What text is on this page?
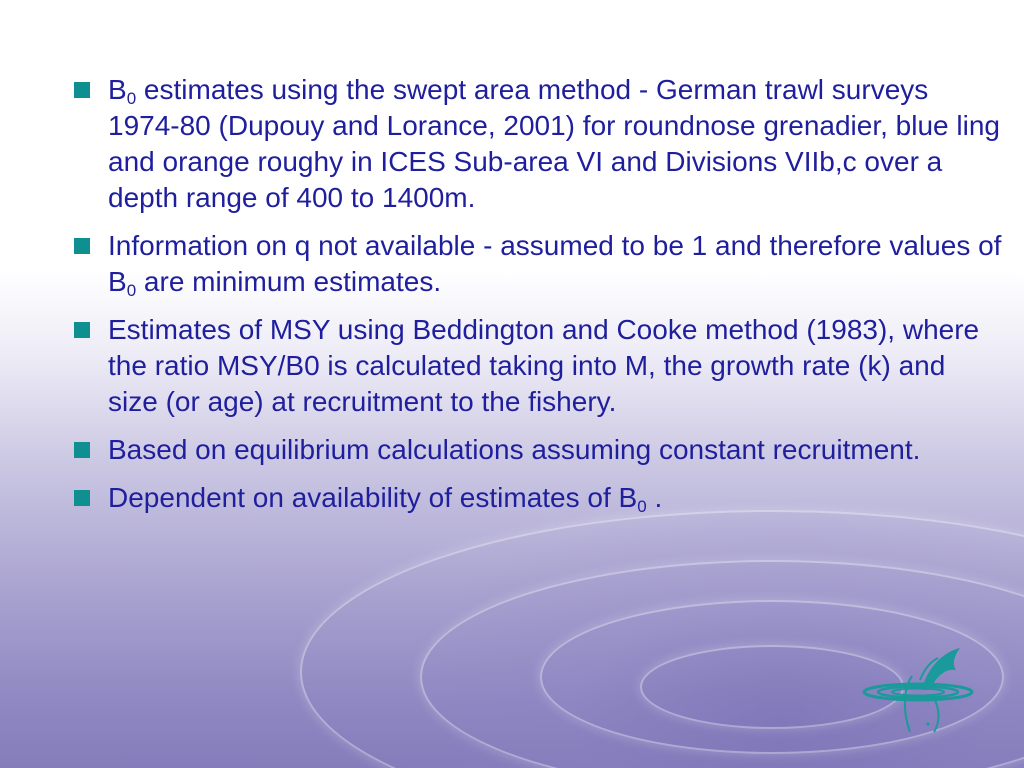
$B_0$ estimates using the swept area method - German trawl surveys 1974-80 (Dupouy and Lorance, 2001) for roundnose grenadier, blue ling and orange roughy in ICES Sub-area VI and Divisions VIIb,c over a depth range of 400 to 1400m.
Information on q not available - assumed to be 1 and therefore values of $B_0$ are minimum estimates.
Estimates of MSY using Beddington and Cooke method (1983), where the ratio MSY/B0 is calculated taking into M, the growth rate (k) and size (or age) at recruitment to the fishery.
Based on equilibrium calculations assuming constant recruitment.
Dependent on availability of estimates of $B_0$ .
